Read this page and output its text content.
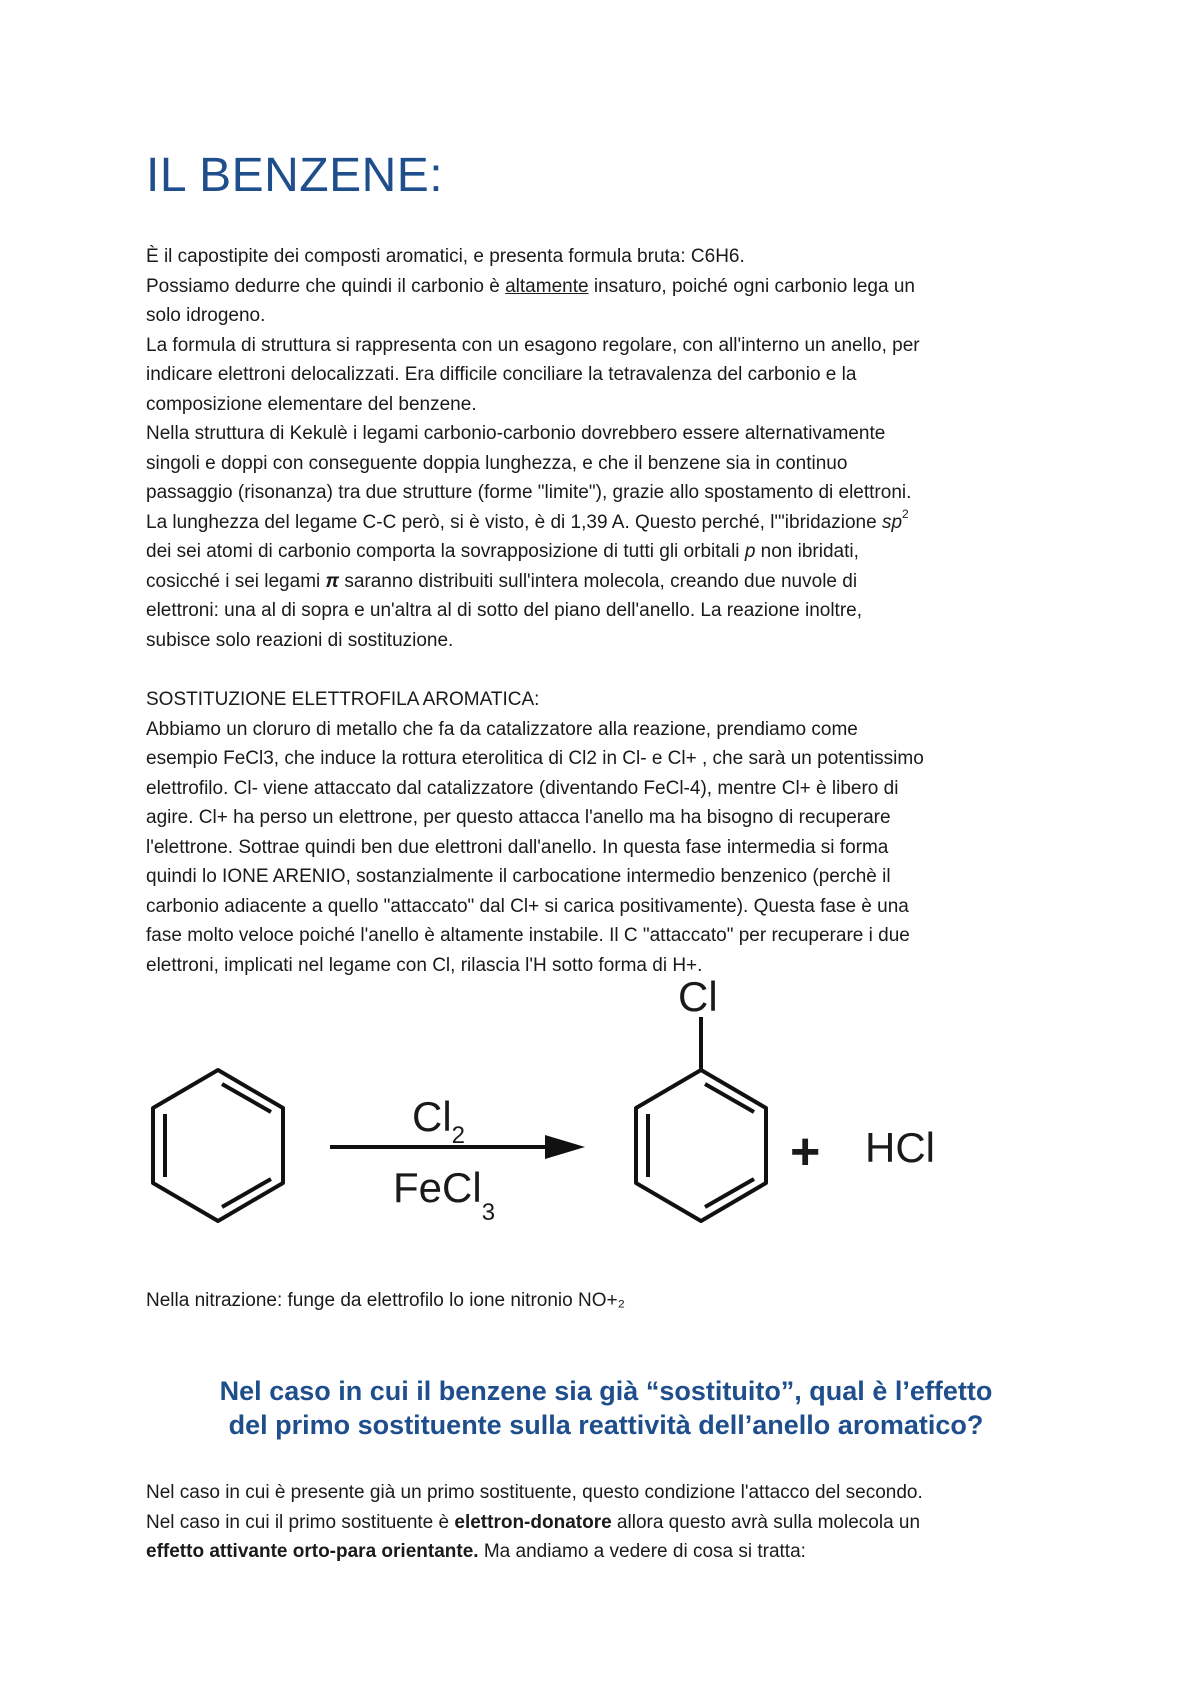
IL BENZENE:
È il capostipite dei composti aromatici, e presenta formula bruta: C6H6.
Possiamo dedurre che quindi il carbonio è altamente insaturo, poiché ogni carbonio lega un
solo idrogeno.
La formula di struttura si rappresenta con un esagono regolare, con all'interno un anello, per
indicare elettroni delocalizzati. Era difficile conciliare la tetravalenza del carbonio e la
composizione elementare del benzene.
Nella struttura di Kekulè i legami carbonio-carbonio dovrebbero essere alternativamente
singoli e doppi con conseguente doppia lunghezza, e che il benzene sia in continuo
passaggio (risonanza) tra due strutture (forme "limite"), grazie allo spostamento di elettroni.
La lunghezza del legame C-C però, si è visto, è di 1,39 A. Questo perché, l'"ibridazione $sp^2$
dei sei atomi di carbonio comporta la sovrapposizione di tutti gli orbitali p non ibridati,
cosicché i sei legami π saranno distribuiti sull'intera molecola, creando due nuvole di
elettroni: una al di sopra e un'altra al di sotto del piano dell'anello. La reazione inoltre,
subisce solo reazioni di sostituzione.
SOSTITUZIONE ELETTROFILA AROMATICA:
Abbiamo un cloruro di metallo che fa da catalizzatore alla reazione, prendiamo come
esempio FeCl3, che induce la rottura eterolitica di Cl2 in Cl- e Cl+ , che sarà un potentissimo
elettrofilo. Cl- viene attaccato dal catalizzatore (diventando FeCl-4), mentre Cl+ è libero di
agire. Cl+ ha perso un elettrone, per questo attacca l'anello ma ha bisogno di recuperare
l'elettrone. Sottrae quindi ben due elettroni dall'anello. In questa fase intermedia si forma
quindi lo IONE ARENIO, sostanzialmente il carbocatione intermedio benzenico (perchè il
carbonio adiacente a quello "attaccato" dal Cl+ si carica positivamente). Questa fase è una
fase molto veloce poiché l'anello è altamente instabile. Il C "attaccato" per recuperare i due
elettroni, implicati nel legame con Cl, rilascia l'H sotto forma di H+.
Nella nitrazione: funge da elettrofilo lo ione nitronio NO+₂
Nel caso in cui il benzene sia già “sostituito”, qual è l’effetto
del primo sostituente sulla reattività dell’anello aromatico?
Nel caso in cui è presente già un primo sostituente, questo condizione l'attacco del secondo.
Nel caso in cui il primo sostituente è elettron-donatore allora questo avrà sulla molecola un
effetto attivante orto-para orientante. Ma andiamo a vedere di cosa si tratta:
$Cl_2$
FeCl$_3$
Cl
+ HCl
